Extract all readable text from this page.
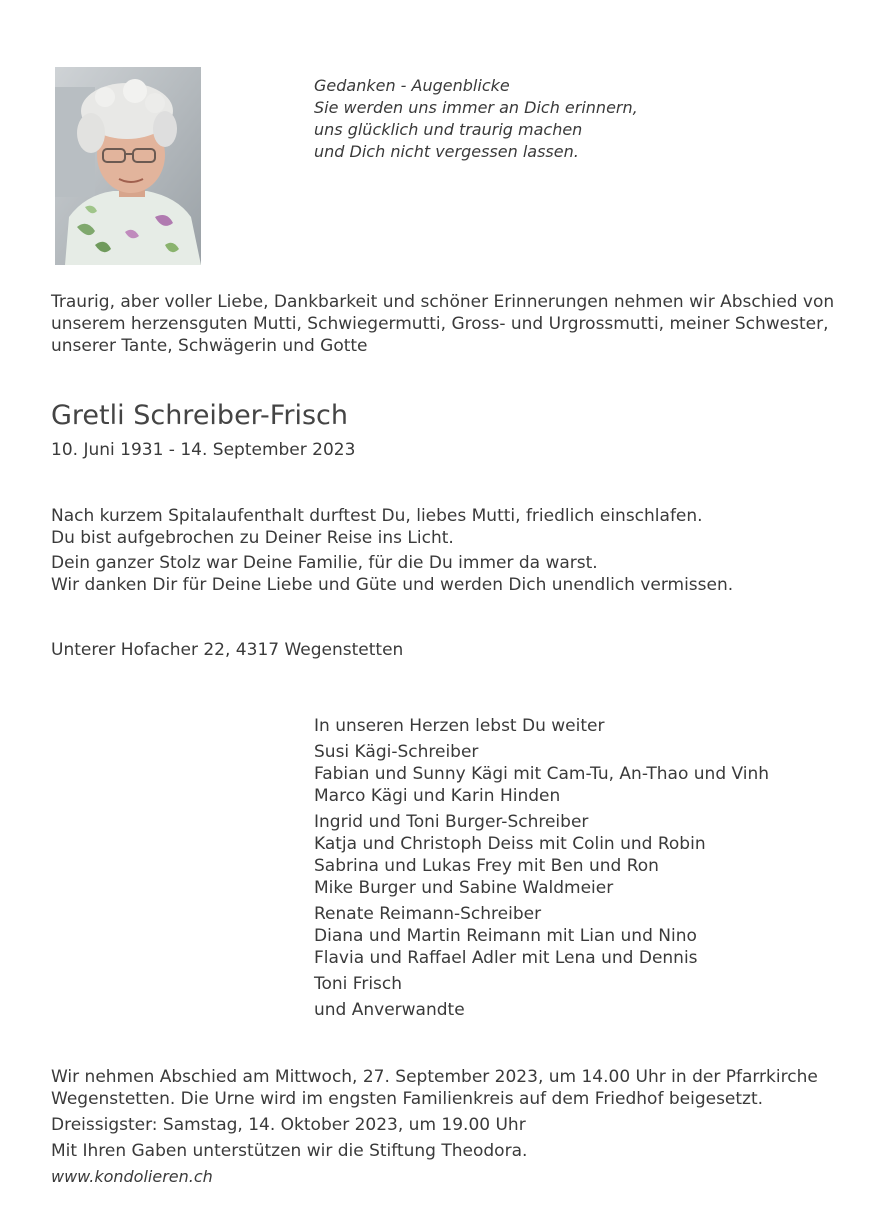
Gedanken - Augenblicke
Sie werden uns immer an Dich erinnern,
uns glücklich und traurig machen
und Dich nicht vergessen lassen.
Traurig, aber voller Liebe, Dankbarkeit und schöner Erinnerungen nehmen wir Abschied von
unserem herzensguten Mutti, Schwiegermutti, Gross- und Urgrossmutti, meiner Schwester,
unserer Tante, Schwägerin und Gotte
Gretli Schreiber-Frisch
10. Juni 1931 - 14. September 2023
Nach kurzem Spitalaufenthalt durftest Du, liebes Mutti, friedlich einschlafen.
Du bist aufgebrochen zu Deiner Reise ins Licht.
Dein ganzer Stolz war Deine Familie, für die Du immer da warst.
Wir danken Dir für Deine Liebe und Güte und werden Dich unendlich vermissen.
Unterer Hofacher 22, 4317 Wegenstetten
In unseren Herzen lebst Du weiter
Susi Kägi-Schreiber
Fabian und Sunny Kägi mit Cam-Tu, An-Thao und Vinh
Marco Kägi und Karin Hinden
Ingrid und Toni Burger-Schreiber
Katja und Christoph Deiss mit Colin und Robin
Sabrina und Lukas Frey mit Ben und Ron
Mike Burger und Sabine Waldmeier
Renate Reimann-Schreiber
Diana und Martin Reimann mit Lian und Nino
Flavia und Raffael Adler mit Lena und Dennis
Toni Frisch
und Anverwandte
Wir nehmen Abschied am Mittwoch, 27. September 2023, um 14.00 Uhr in der Pfarrkirche
Wegenstetten. Die Urne wird im engsten Familienkreis auf dem Friedhof beigesetzt.
Dreissigster: Samstag, 14. Oktober 2023, um 19.00 Uhr
Mit Ihren Gaben unterstützen wir die Stiftung Theodora.
www.kondolieren.ch
